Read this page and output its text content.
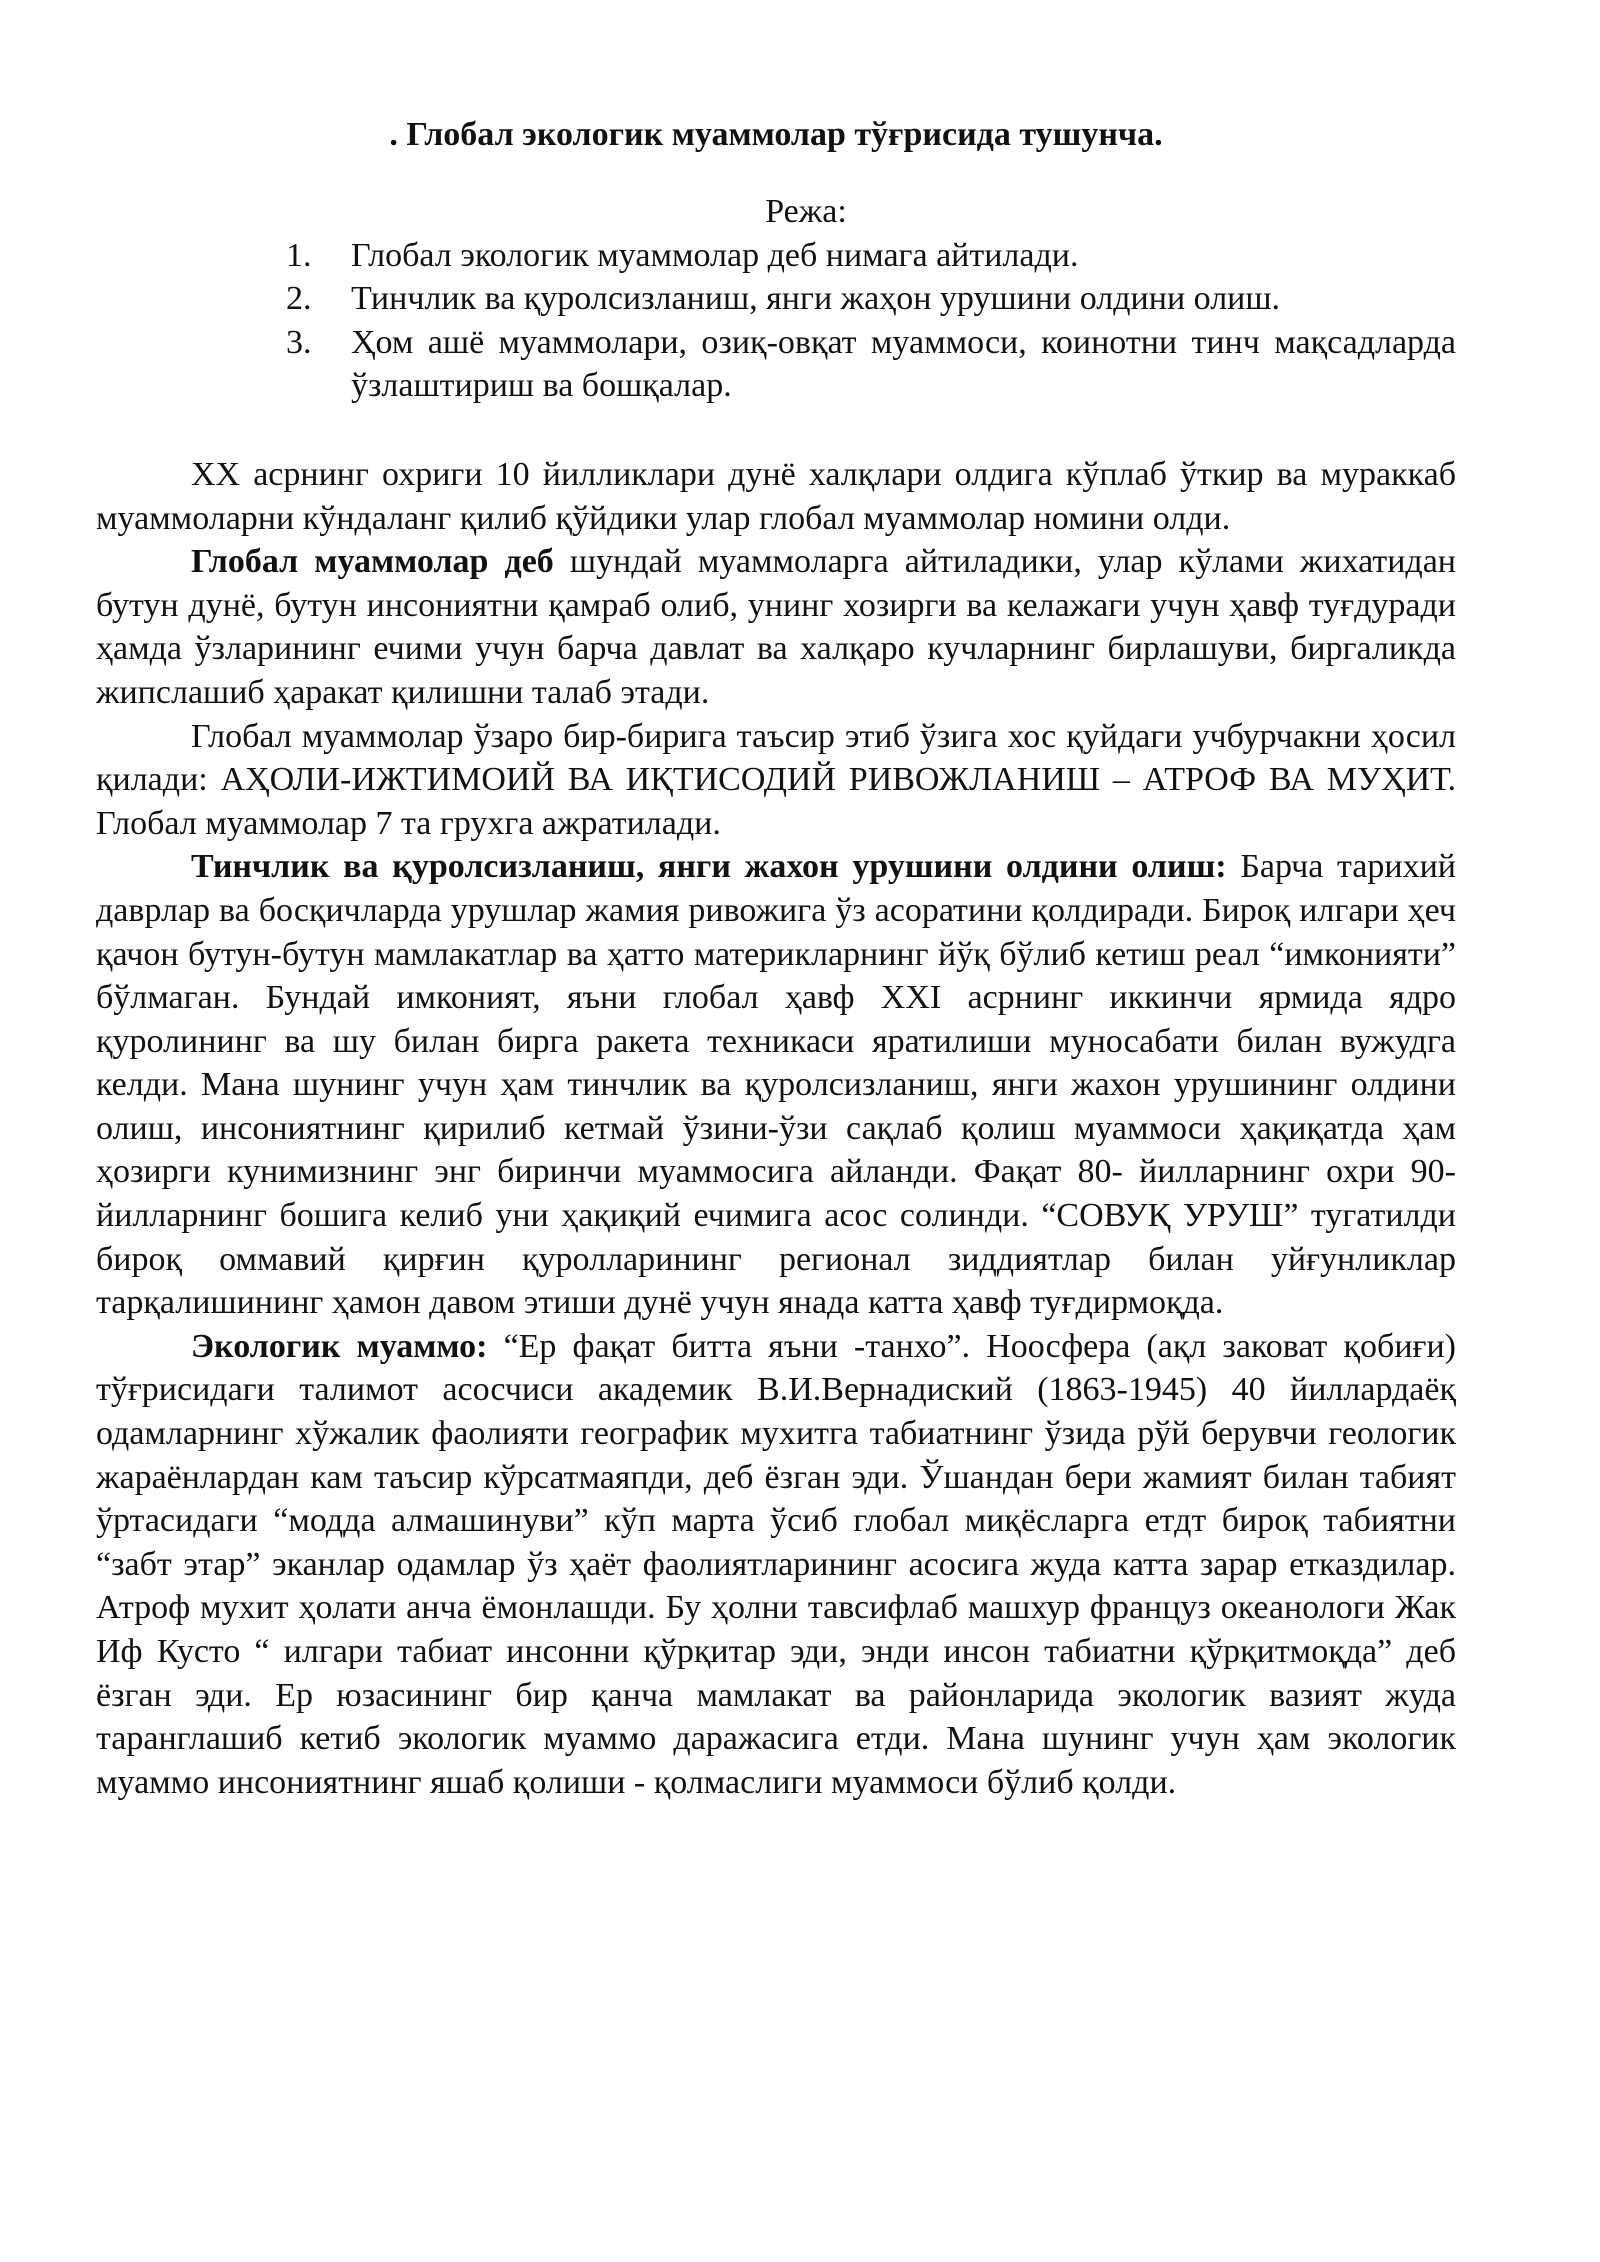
. Глобал экологик муаммолар тўғрисида тушунча.
Режа:
1. Глобал экологик муаммолар деб нимага айтилади.
2. Тинчлик ва қуролсизланиш, янги жаҳон урушини олдини олиш.
3. Ҳом ашё муаммолари, озиқ-овқат муаммоси, коинотни тинч мақсадларда ўзлаштириш ва бошқалар.

XX асрнинг охриги 10 йилликлари дунё халқлари олдига кўплаб ўткир ва мураккаб муаммоларни кўндаланг қилиб қўйдики улар глобал муаммолар номини олди.

Глобал муаммолар деб шундай муаммоларга айтиладики, улар кўлами жихатидан бутун дунё, бутун инсониятни қамраб олиб, унинг хозирги ва келажаги учун ҳавф туғдуради ҳамда ўзларининг ечими учун барча давлат ва халқаро кучларнинг бирлашуви, биргаликда жипслашиб ҳаракат қилишни талаб этади.

Глобал муаммолар ўзаро бир-бирига таъсир этиб ўзига хос қуйдаги учбурчакни ҳосил қилади: АҲОЛИ-ИЖТИМОИЙ ВА ИҚТИСОДИЙ РИВОЖЛАНИШ – АТРОФ ВА МУҲИТ. Глобал муаммолар 7 та грухга ажратилади.

Тинчлик ва қуролсизланиш, янги жахон урушини олдини олиш: Барча тарихий даврлар ва босқичларда урушлар жамия ривожига ўз асоратини қолдиради. Бироқ илгари ҳеч қачон бутун-бутун мамлакатлар ва ҳатто материкларнинг йўқ бўлиб кетиш реал “имконияти” бўлмаган. Бундай имконият, яъни глобал ҳавф XXI асрнинг иккинчи ярмида ядро қуролининг ва шу билан бирга ракета техникаси яратилиши муносабати билан вужудга келди. Мана шунинг учун ҳам тинчлик ва қуролсизланиш, янги жахон урушининг олдини олиш, инсониятнинг қирилиб кетмай ўзини-ўзи сақлаб қолиш муаммоси ҳақиқатда ҳам ҳозирги кунимизнинг энг биринчи муаммосига айланди. Фақат 80- йилларнинг охри 90- йилларнинг бошига келиб уни ҳақиқий ечимига асос солинди. “СОВУҚ УРУШ” тугатилди бироқ оммавий қирғин қуролларининг регионал зиддиятлар билан уйғунликлар тарқалишининг ҳамон давом этиши дунё учун янада катта ҳавф туғдирмоқда.

Экологик муаммо: “Ер фақат битта яъни -танхо”. Ноосфера (ақл заковат қобиғи) тўғрисидаги талимот асосчиси академик В.И.Вернадиский (1863-1945) 40 йиллардаёқ одамларнинг хўжалик фаолияти географик мухитга табиатнинг ўзида рўй берувчи геологик жараёнлардан кам таъсир кўрсатмаяпди, деб ёзган эди. Ўшандан бери жамият билан табият ўртасидаги “модда алмашинуви” кўп марта ўсиб глобал миқёсларга етдт бироқ табиятни “забт этар” эканлар одамлар ўз ҳаёт фаолиятларининг асосига жуда катта зарар етказдилар. Атроф мухит ҳолати анча ёмонлашди. Бу ҳолни тавсифлаб машхур француз океанологи Жак Иф Кусто “ илгари табиат инсонни қўрқитар эди, энди инсон табиатни қўрқитмоқда” деб ёзган эди. Ер юзасининг бир қанча мамлакат ва районларида экологик вазият жуда таранглашиб кетиб экологик муаммо даражасига етди. Мана шунинг учун ҳам экологик муаммо инсониятнинг яшаб қолиши - қолмаслиги муаммоси бўлиб қолди.
